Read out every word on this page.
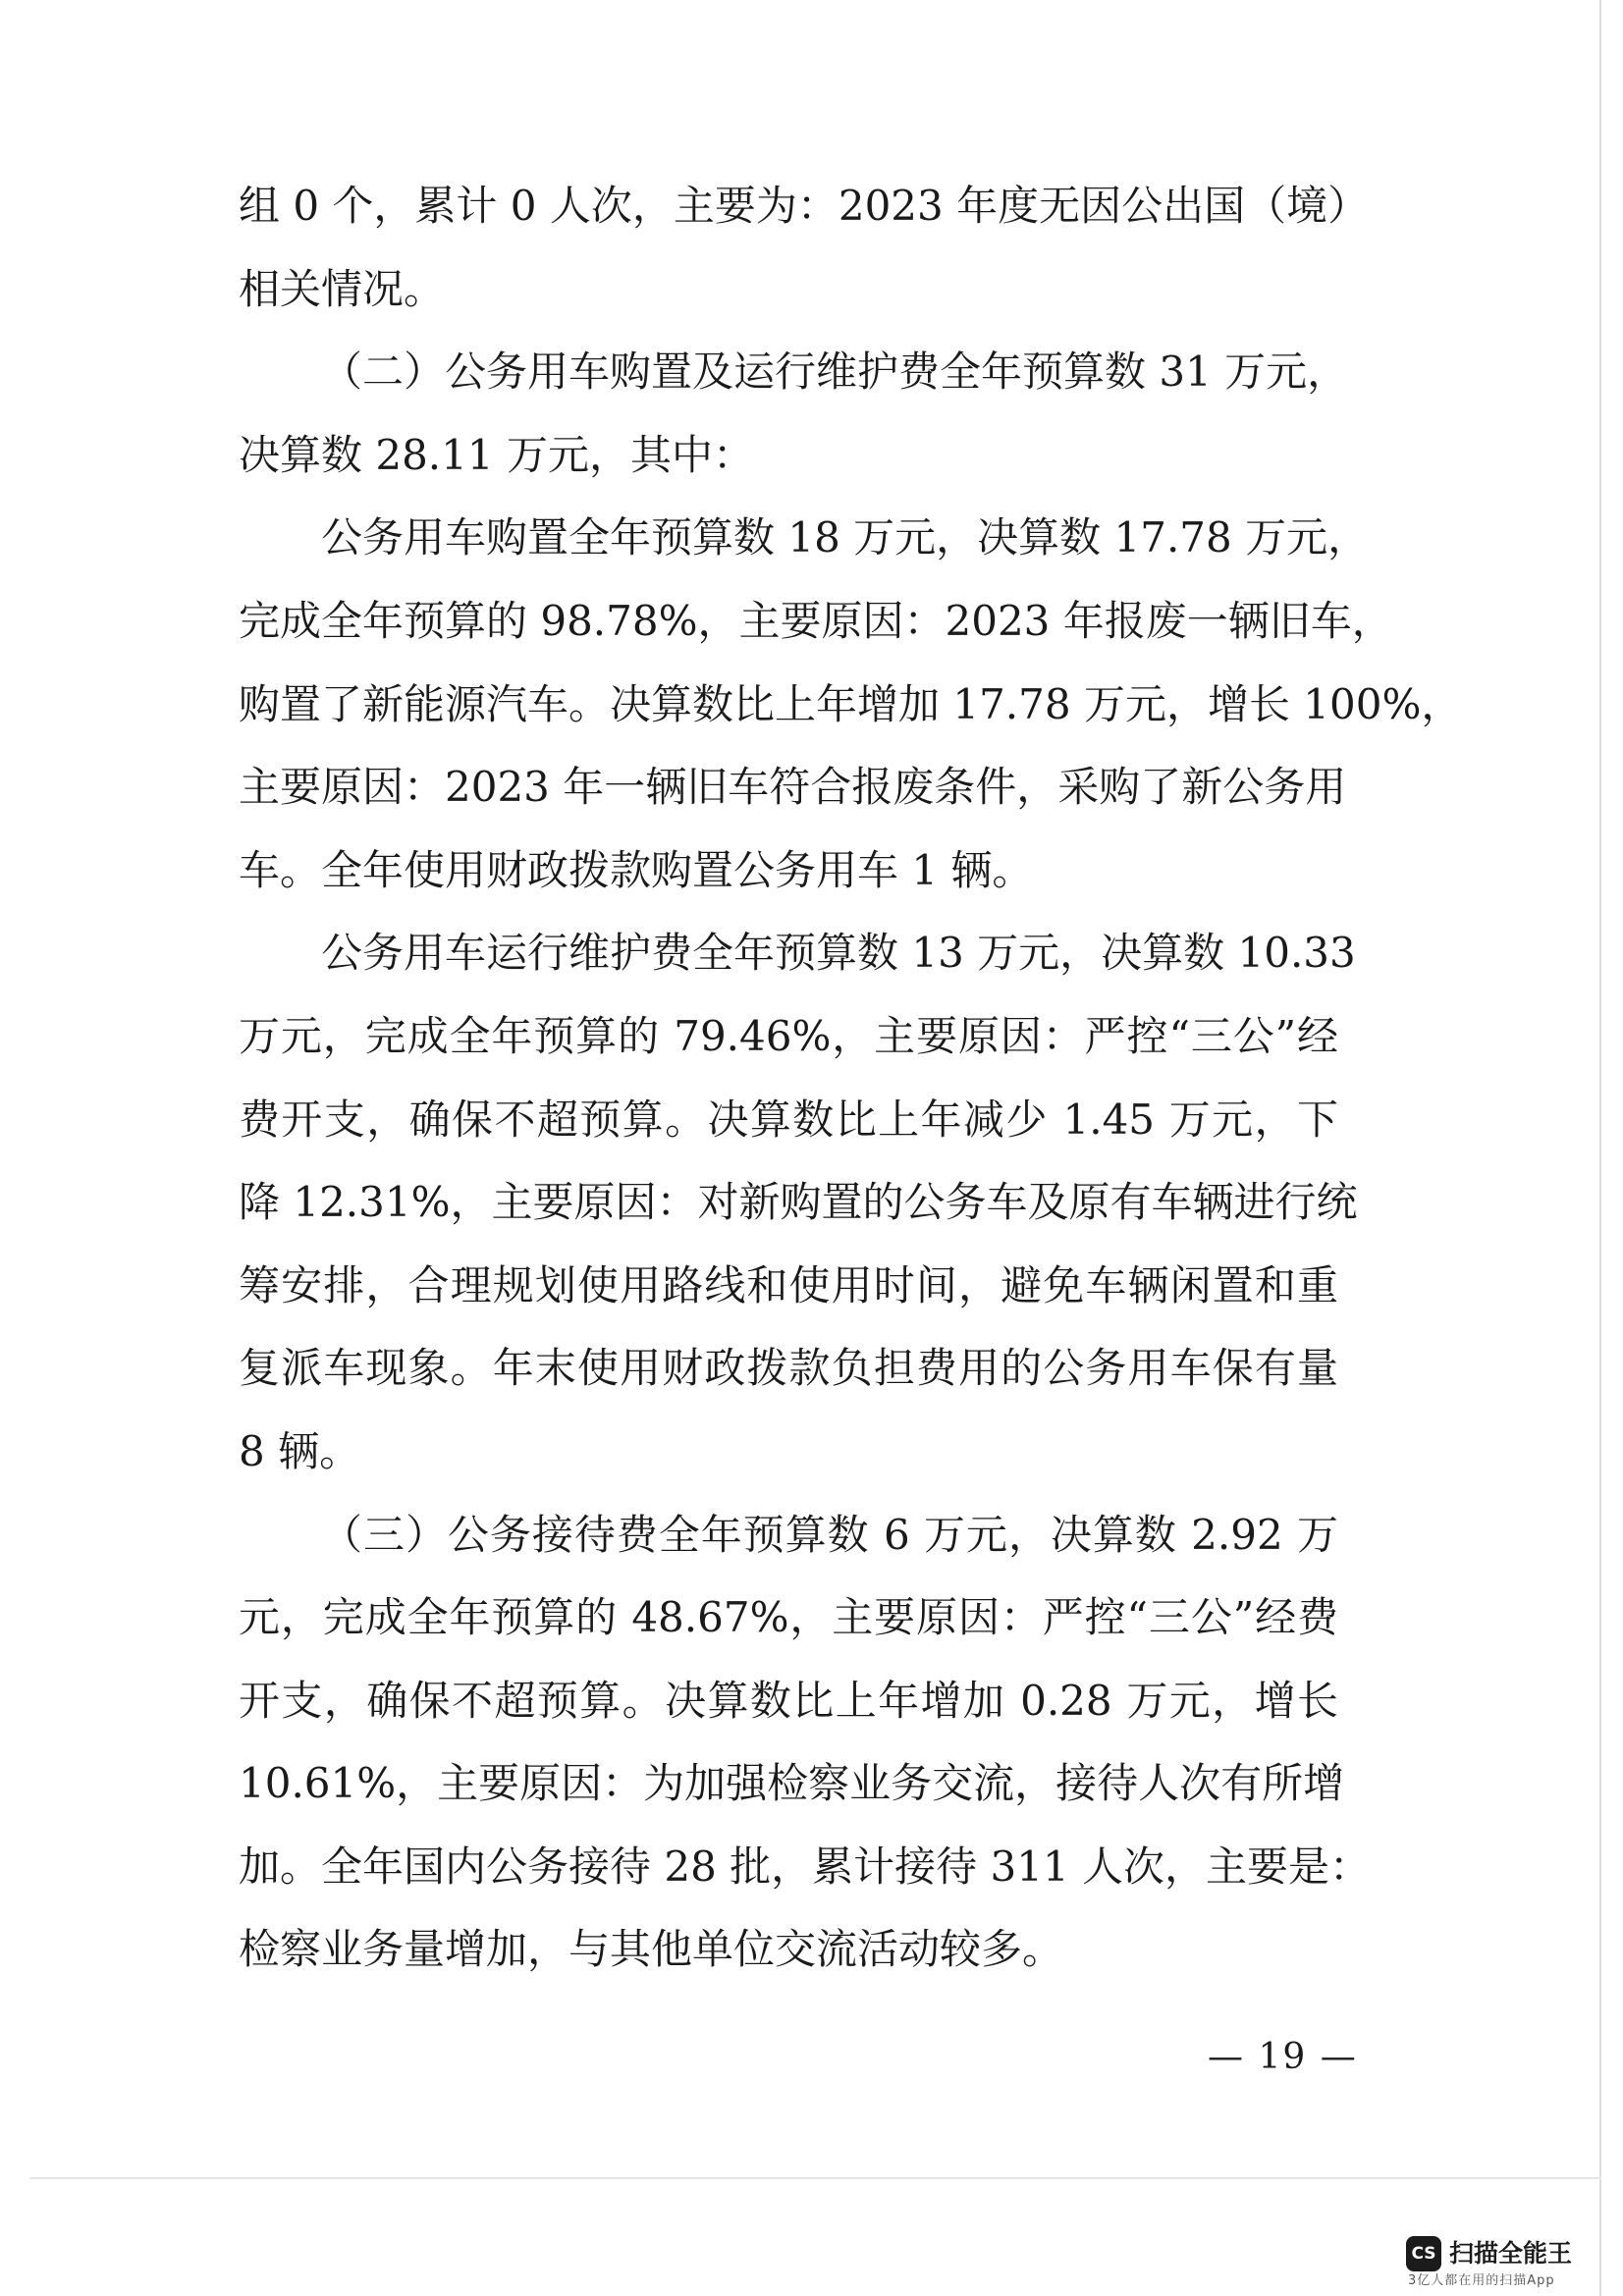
组 0 个，累计 0 人次，主要为：2023 年度无因公出国（境）
相关情况。
（二）公务用车购置及运行维护费全年预算数 31 万元，
决算数 28.11 万元，其中：
公务用车购置全年预算数 18 万元，决算数 17.78 万元，
完成全年预算的 98.78%，主要原因：2023 年报废一辆旧车，
购置了新能源汽车。决算数比上年增加 17.78 万元，增长 100%，
主要原因：2023 年一辆旧车符合报废条件，采购了新公务用
车。全年使用财政拨款购置公务用车 1 辆。
公务用车运行维护费全年预算数 13 万元，决算数 10.33
万元，完成全年预算的 79.46%，主要原因：严控“三公”经
费开支，确保不超预算。决算数比上年减少 1.45 万元，下
降 12.31%，主要原因：对新购置的公务车及原有车辆进行统
筹安排，合理规划使用路线和使用时间，避免车辆闲置和重
复派车现象。年末使用财政拨款负担费用的公务用车保有量
8 辆。
（三）公务接待费全年预算数 6 万元，决算数 2.92 万
元，完成全年预算的 48.67%，主要原因：严控“三公”经费
开支，确保不超预算。决算数比上年增加 0.28 万元，增长
10.61%，主要原因：为加强检察业务交流，接待人次有所增
加。全年国内公务接待 28 批，累计接待 311 人次，主要是：
检察业务量增加，与其他单位交流活动较多。
— 19 —
CS 扫描全能王
3亿人都在用的扫描App
